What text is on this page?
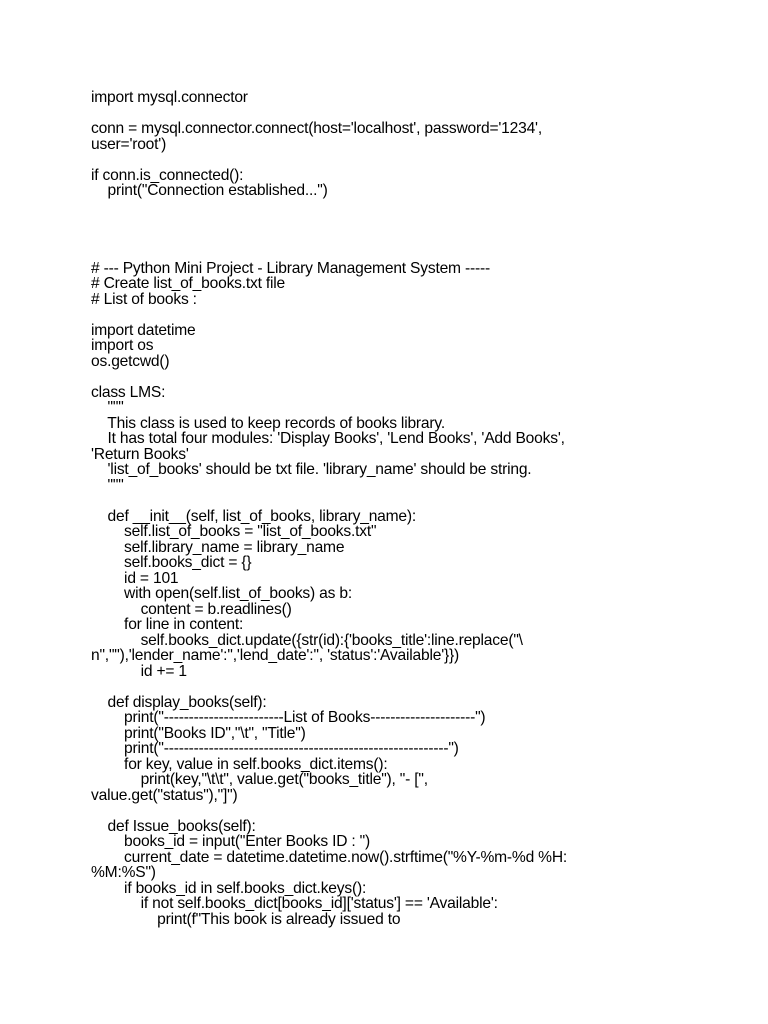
import mysql.connector
conn = mysql.connector.connect(host='localhost', password='1234',
user='root')
if conn.is_connected():
print("Connection established...")
# --- Python Mini Project - Library Management System -----
# Create list_of_books.txt file
# List of books :
import datetime
import os
os.getcwd()
class LMS:
"""
This class is used to keep records of books library.
It has total four modules: 'Display Books', 'Lend Books', 'Add Books',
'Return Books'
'list_of_books' should be txt file. 'library_name' should be string.
"""
def __init__(self, list_of_books, library_name):
self.list_of_books = "list_of_books.txt"
self.library_name = library_name
self.books_dict = {}
id = 101
with open(self.list_of_books) as b:
content = b.readlines()
for line in content:
self.books_dict.update({str(id):{'books_title':line.replace("\
n",""),'lender_name':'','lend_date':'', 'status':'Available'}})
id += 1
def display_books(self):
print("------------------------List of Books---------------------")
print("Books ID","\t", "Title")
print("---------------------------------------------------------")
for key, value in self.books_dict.items():
print(key,"\t\t", value.get("books_title"), "- [",
value.get("status"),"]")
def Issue_books(self):
books_id = input("Enter Books ID : ")
current_date = datetime.datetime.now().strftime("%Y-%m-%d %H:
%M:%S")
if books_id in self.books_dict.keys():
if not self.books_dict[books_id]['status'] == 'Available':
print(f"This book is already issued to
